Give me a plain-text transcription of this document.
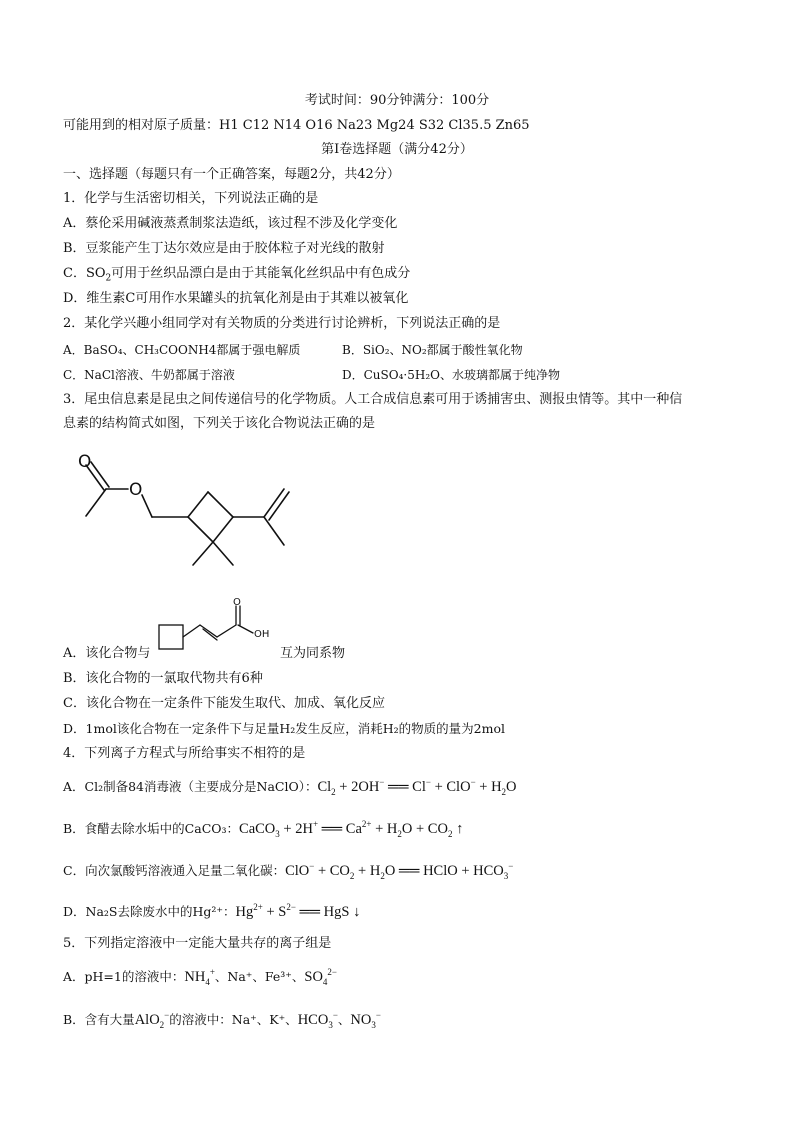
考试时间：90分钟满分：100分
可能用到的相对原子质量：H1 C12 N14 O16 Na23 Mg24 S32 Cl35.5 Zn65
第Ⅰ卷选择题（满分42分）
一、选择题（每题只有一个正确答案，每题2分，共42分）
1．化学与生活密切相关，下列说法正确的是
A．蔡伦采用碱液蒸煮制浆法造纸，该过程不涉及化学变化
B．豆浆能产生丁达尔效应是由于胶体粒子对光线的散射
C．$SO_2$可用于丝织品漂白是由于其能氧化丝织品中有色成分
D．维生素C可用作水果罐头的抗氧化剂是由于其难以被氧化
2．某化学兴趣小组同学对有关物质的分类进行讨论辨析，下列说法正确的是
A．BaSO₄、CH₃COONH4都属于强电解质	B．SiO₂、NO₂都属于酸性氧化物
C．NaCl溶液、牛奶都属于溶液	D．CuSO₄·5H₂O、水玻璃都属于纯净物
3．尾虫信息素是昆虫之间传递信号的化学物质。人工合成信息素可用于诱捕害虫、测报虫情等。其中一种信
息素的结构简式如图，下列关于该化合物说法正确的是
O
O
A．该化合物与
O
OH
互为同系物
B．该化合物的一氯取代物共有6种
C．该化合物在一定条件下能发生取代、加成、氧化反应
D．1mol该化合物在一定条件下与足量H₂发生反应，消耗H₂的物质的量为2mol
4．下列离子方程式与所给事实不相符的是
A．Cl₂制备84消毒液（主要成分是NaClO）：$Cl_2 + 2OH^-$ ══ $Cl^- + ClO^- + H_2O$
B．食醋去除水垢中的CaCO₃：CaCO$_3$ + 2H+ ══ $Ca^{2+} + H_2O + CO_2$ ↑
C．向次氯酸钙溶液通入足量二氧化碳：$ClO^- + CO_2 + H_2O$ ══ HClO + $HCO_3^-$
D．Na₂S去除废水中的Hg²⁺：$Hg^{2+} + S^{2-}$ ══ HgS ↓
5．下列指定溶液中一定能大量共存的离子组是
A．pH=1的溶液中：$NH_4^+$、Na⁺、Fe³⁺、$SO_4^{2-}$
B．含有大量AlO$_2$−的溶液中：Na⁺、K⁺、$HCO_3^-$、$NO_3^-$
